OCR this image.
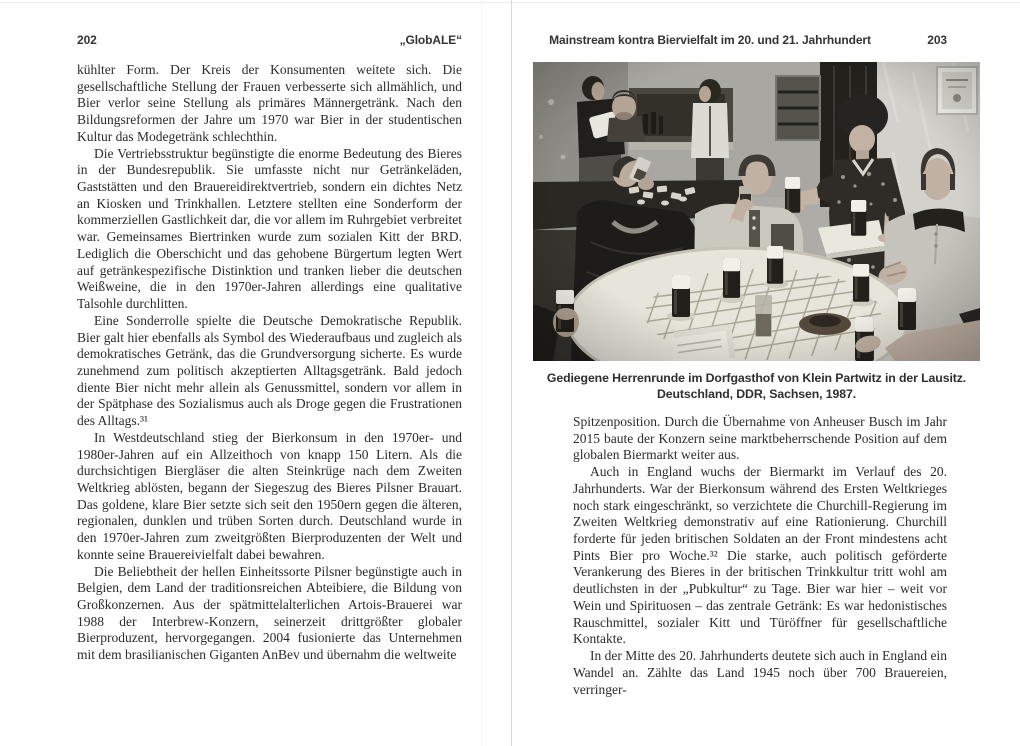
202	„GlobALE“

kühlter Form. Der Kreis der Konsumenten weitete sich. Die gesellschaftliche Stellung der Frauen verbesserte sich allmählich, und Bier verlor seine Stellung als primäres Männergetränk. Nach den Bildungsreformen der Jahre um 1970 war Bier in der studentischen Kultur das Modegetränk schlechthin.

Die Vertriebsstruktur begünstigte die enorme Bedeutung des Bieres in der Bundesrepublik. Sie umfasste nicht nur Getränkeläden, Gaststätten und den Brauereidirektvertrieb, sondern ein dichtes Netz an Kiosken und Trinkhallen. Letztere stellten eine Sonderform der kommerziellen Gastlichkeit dar, die vor allem im Ruhrgebiet verbreitet war. Gemeinsames Biertrinken wurde zum sozialen Kitt der BRD. Lediglich die Oberschicht und das gehobene Bürgertum legten Wert auf getränkespezifische Distinktion und tranken lieber die deutschen Weißweine, die in den 1970er-Jahren allerdings eine qualitative Talsohle durchlitten.

Eine Sonderrolle spielte die Deutsche Demokratische Republik. Bier galt hier ebenfalls als Symbol des Wiederaufbaus und zugleich als demokratisches Getränk, das die Grundversorgung sicherte. Es wurde zunehmend zum politisch akzeptierten Alltagsgetränk. Bald jedoch diente Bier nicht mehr allein als Genussmittel, sondern vor allem in der Spätphase des Sozialismus auch als Droge gegen die Frustrationen des Alltags.³¹

In Westdeutschland stieg der Bierkonsum in den 1970er- und 1980er-Jahren auf ein Allzeithoch von knapp 150 Litern. Als die durchsichtigen Biergläser die alten Steinkrüge nach dem Zweiten Weltkrieg ablösten, begann der Siegeszug des Bieres Pilsner Brauart. Das goldene, klare Bier setzte sich seit den 1950ern gegen die älteren, regionalen, dunklen und trüben Sorten durch. Deutschland wurde in den 1970er-Jahren zum zweitgrößten Bierproduzenten der Welt und konnte seine Brauereivielfalt dabei bewahren.

Die Beliebtheit der hellen Einheitssorte Pilsner begünstigte auch in Belgien, dem Land der traditionsreichen Abteibiere, die Bildung von Großkonzernen. Aus der spätmittelalterlichen Artois-Brauerei war 1988 der Interbrew-Konzern, seinerzeit drittgrößter globaler Bierproduzent, hervorgegangen. 2004 fusionierte das Unternehmen mit dem brasilianischen Giganten AnBev und übernahm die weltweite

Mainstream kontra Biervielfalt im 20. und 21. Jahrhundert	203
Gediegene Herrenrunde im Dorfgasthof von Klein Partwitz in der Lausitz.
Deutschland, DDR, Sachsen, 1987.

Spitzenposition. Durch die Übernahme von Anheuser Busch im Jahr 2015 baute der Konzern seine marktbeherrschende Position auf dem globalen Biermarkt weiter aus.

Auch in England wuchs der Biermarkt im Verlauf des 20. Jahrhunderts. War der Bierkonsum während des Ersten Weltkrieges noch stark eingeschränkt, so verzichtete die Churchill-Regierung im Zweiten Weltkrieg demonstrativ auf eine Rationierung. Churchill forderte für jeden britischen Soldaten an der Front mindestens acht Pints Bier pro Woche.³² Die starke, auch politisch geförderte Verankerung des Bieres in der britischen Trinkkultur tritt wohl am deutlichsten in der „Pubkultur“ zu Tage. Bier war hier – weit vor Wein und Spirituosen – das zentrale Getränk: Es war hedonistisches Rauschmittel, sozialer Kitt und Türöffner für gesellschaftliche Kontakte.

In der Mitte des 20. Jahrhunderts deutete sich auch in England ein Wandel an. Zählte das Land 1945 noch über 700 Brauereien, verringer-
